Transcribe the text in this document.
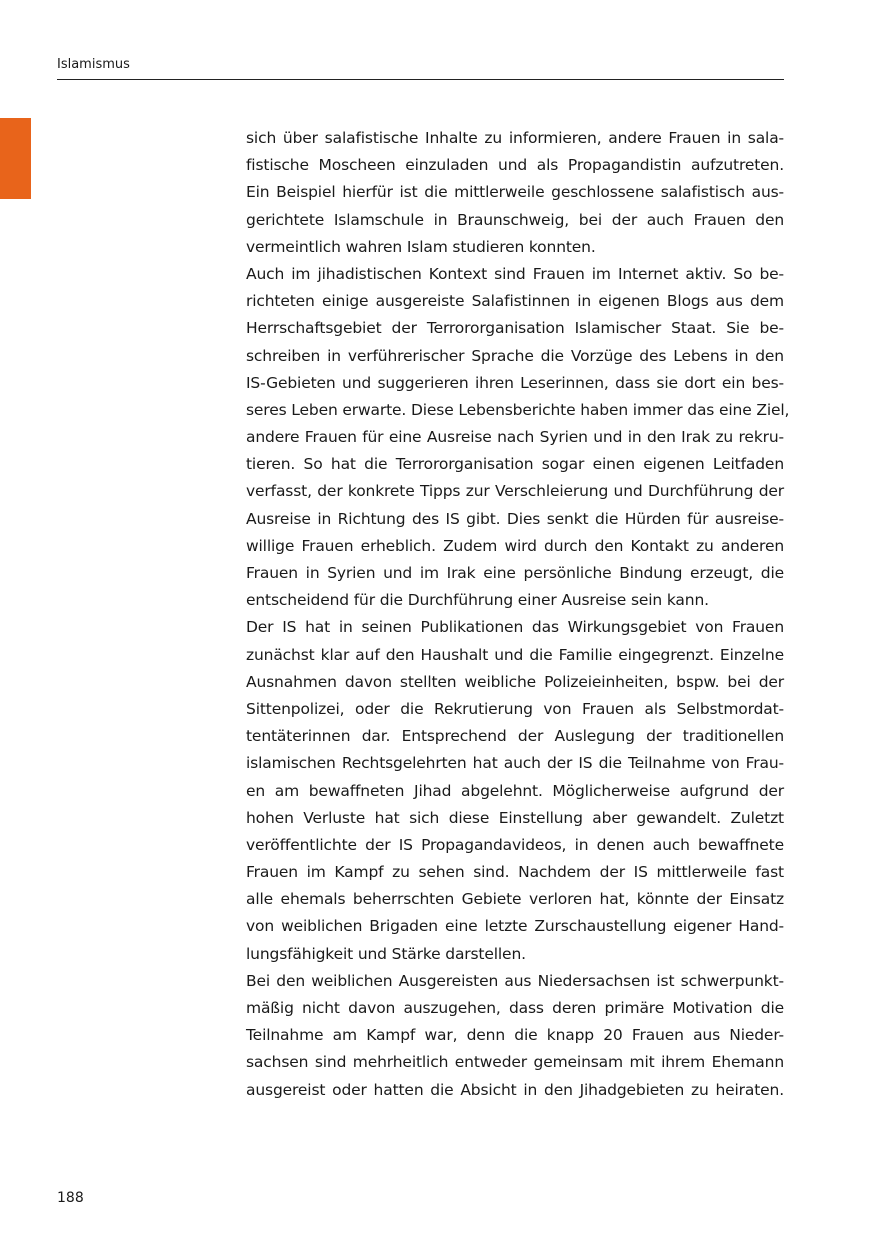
Islamismus
sich über salafistische Inhalte zu informieren, andere Frauen in sala-
fistische Moscheen einzuladen und als Propagandistin aufzutreten.
Ein Beispiel hierfür ist die mittlerweile geschlossene salafistisch aus-
gerichtete Islamschule in Braunschweig, bei der auch Frauen den
vermeintlich wahren Islam studieren konnten.
Auch im jihadistischen Kontext sind Frauen im Internet aktiv. So be-
richteten einige ausgereiste Salafistinnen in eigenen Blogs aus dem
Herrschaftsgebiet der Terrororganisation Islamischer Staat. Sie be-
schreiben in verführerischer Sprache die Vorzüge des Lebens in den
IS-Gebieten und suggerieren ihren Leserinnen, dass sie dort ein bes-
seres Leben erwarte. Diese Lebensberichte haben immer das eine Ziel,
andere Frauen für eine Ausreise nach Syrien und in den Irak zu rekru-
tieren. So hat die Terrororganisation sogar einen eigenen Leitfaden
verfasst, der konkrete Tipps zur Verschleierung und Durchführung der
Ausreise in Richtung des IS gibt. Dies senkt die Hürden für ausreise-
willige Frauen erheblich. Zudem wird durch den Kontakt zu anderen
Frauen in Syrien und im Irak eine persönliche Bindung erzeugt, die
entscheidend für die Durchführung einer Ausreise sein kann.
Der IS hat in seinen Publikationen das Wirkungsgebiet von Frauen
zunächst klar auf den Haushalt und die Familie eingegrenzt. Einzelne
Ausnahmen davon stellten weibliche Polizeieinheiten, bspw. bei der
Sittenpolizei, oder die Rekrutierung von Frauen als Selbstmordat-
tentäterinnen dar. Entsprechend der Auslegung der traditionellen
islamischen Rechtsgelehrten hat auch der IS die Teilnahme von Frau-
en am bewaffneten Jihad abgelehnt. Möglicherweise aufgrund der
hohen Verluste hat sich diese Einstellung aber gewandelt. Zuletzt
veröffentlichte der IS Propagandavideos, in denen auch bewaffnete
Frauen im Kampf zu sehen sind. Nachdem der IS mittlerweile fast
alle ehemals beherrschten Gebiete verloren hat, könnte der Einsatz
von weiblichen Brigaden eine letzte Zurschaustellung eigener Hand-
lungsfähigkeit und Stärke darstellen.
Bei den weiblichen Ausgereisten aus Niedersachsen ist schwerpunkt-
mäßig nicht davon auszugehen, dass deren primäre Motivation die
Teilnahme am Kampf war, denn die knapp 20 Frauen aus Nieder-
sachsen sind mehrheitlich entweder gemeinsam mit ihrem Ehemann
ausgereist oder hatten die Absicht in den Jihadgebieten zu heiraten.
188
